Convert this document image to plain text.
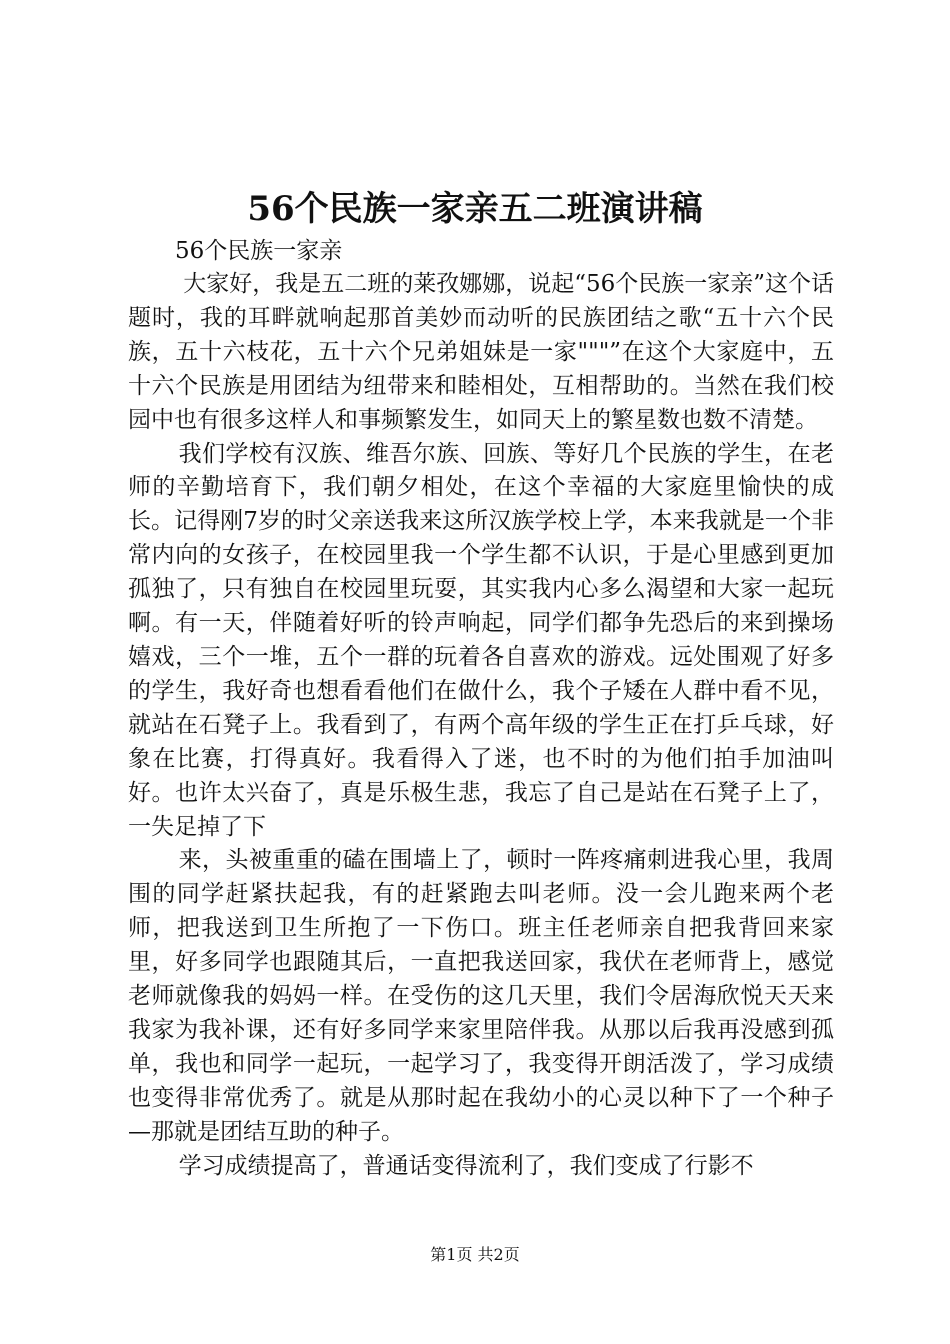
56个民族一家亲五二班演讲稿
56个民族一家亲

大家好，我是五二班的莱孜娜娜，说起“56个民族一家亲”这个话题时，我的耳畔就响起那首美妙而动听的民族团结之歌“五十六个民族，五十六枝花，五十六个兄弟姐妹是一家"""”在这个大家庭中，五十六个民族是用团结为纽带来和睦相处，互相帮助的。当然在我们校园中也有很多这样人和事频繁发生，如同天上的繁星数也数不清楚。

我们学校有汉族、维吾尔族、回族、等好几个民族的学生，在老师的辛勤培育下，我们朝夕相处，在这个幸福的大家庭里愉快的成长。记得刚7岁的时父亲送我来这所汉族学校上学，本来我就是一个非常内向的女孩子，在校园里我一个学生都不认识，于是心里感到更加孤独了，只有独自在校园里玩耍，其实我内心多么渴望和大家一起玩啊。有一天，伴随着好听的铃声响起，同学们都争先恐后的来到操场嬉戏，三个一堆，五个一群的玩着各自喜欢的游戏。远处围观了好多的学生，我好奇也想看看他们在做什么，我个子矮在人群中看不见，就站在石凳子上。我看到了，有两个高年级的学生正在打乒乓球，好象在比赛，打得真好。我看得入了迷，也不时的为他们拍手加油叫好。也许太兴奋了，真是乐极生悲，我忘了自己是站在石凳子上了，一失足掉了下

来，头被重重的磕在围墙上了，顿时一阵疼痛刺进我心里，我周围的同学赶紧扶起我，有的赶紧跑去叫老师。没一会儿跑来两个老师，把我送到卫生所抱了一下伤口。班主任老师亲自把我背回来家里，好多同学也跟随其后，一直把我送回家，我伏在老师背上，感觉老师就像我的妈妈一样。在受伤的这几天里，我们令居海欣悦天天来我家为我补课，还有好多同学来家里陪伴我。从那以后我再没感到孤单，我也和同学一起玩，一起学习了，我变得开朗活泼了，学习成绩也变得非常优秀了。就是从那时起在我幼小的心灵以种下了一个种子—那就是团结互助的种子。

学习成绩提高了，普通话变得流利了，我们变成了行影不

第1页 共2页
